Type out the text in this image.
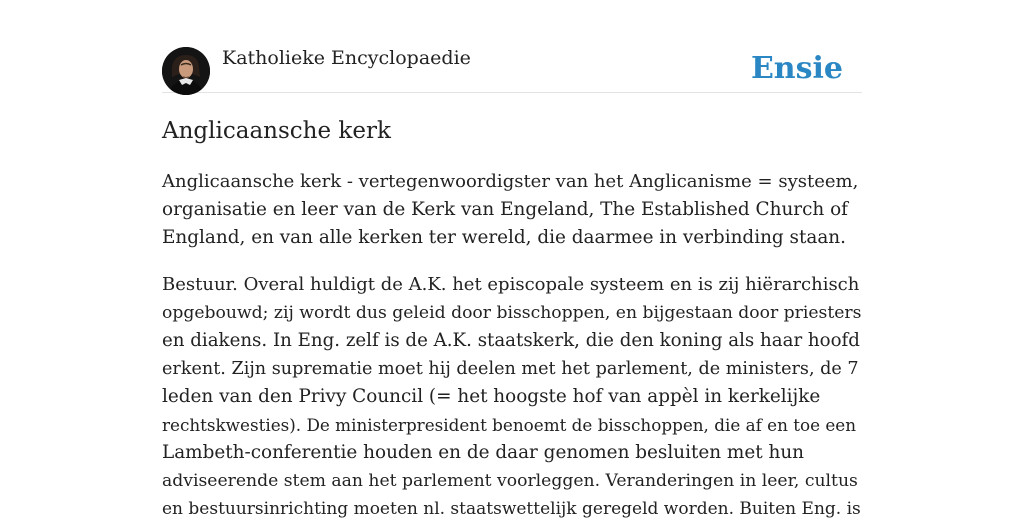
Katholieke Encyclopaedie	Ensie
Anglicaansche kerk

Anglicaansche kerk - vertegenwoordigster van het Anglicanisme = systeem,
organisatie en leer van de Kerk van Engeland, The Established Church of
England, en van alle kerken ter wereld, die daarmee in verbinding staan.

Bestuur. Overal huldigt de A.K. het episcopale systeem en is zij hiërarchisch
opgebouwd; zij wordt dus geleid door bisschoppen, en bijgestaan door priesters
en diakens. In Eng. zelf is de A.K. staatskerk, die den koning als haar hoofd
erkent. Zijn suprematie moet hij deelen met het parlement, de ministers, de 7
leden van den Privy Council (= het hoogste hof van appèl in kerkelijke
rechtskwesties). De ministerpresident benoemt de bisschoppen, die af en toe een
Lambeth-conferentie houden en de daar genomen besluiten met hun
adviseerende stem aan het parlement voorleggen. Veranderingen in leer, cultus
en bestuursinrichting moeten nl. staatswettelijk geregeld worden. Buiten Eng. is
